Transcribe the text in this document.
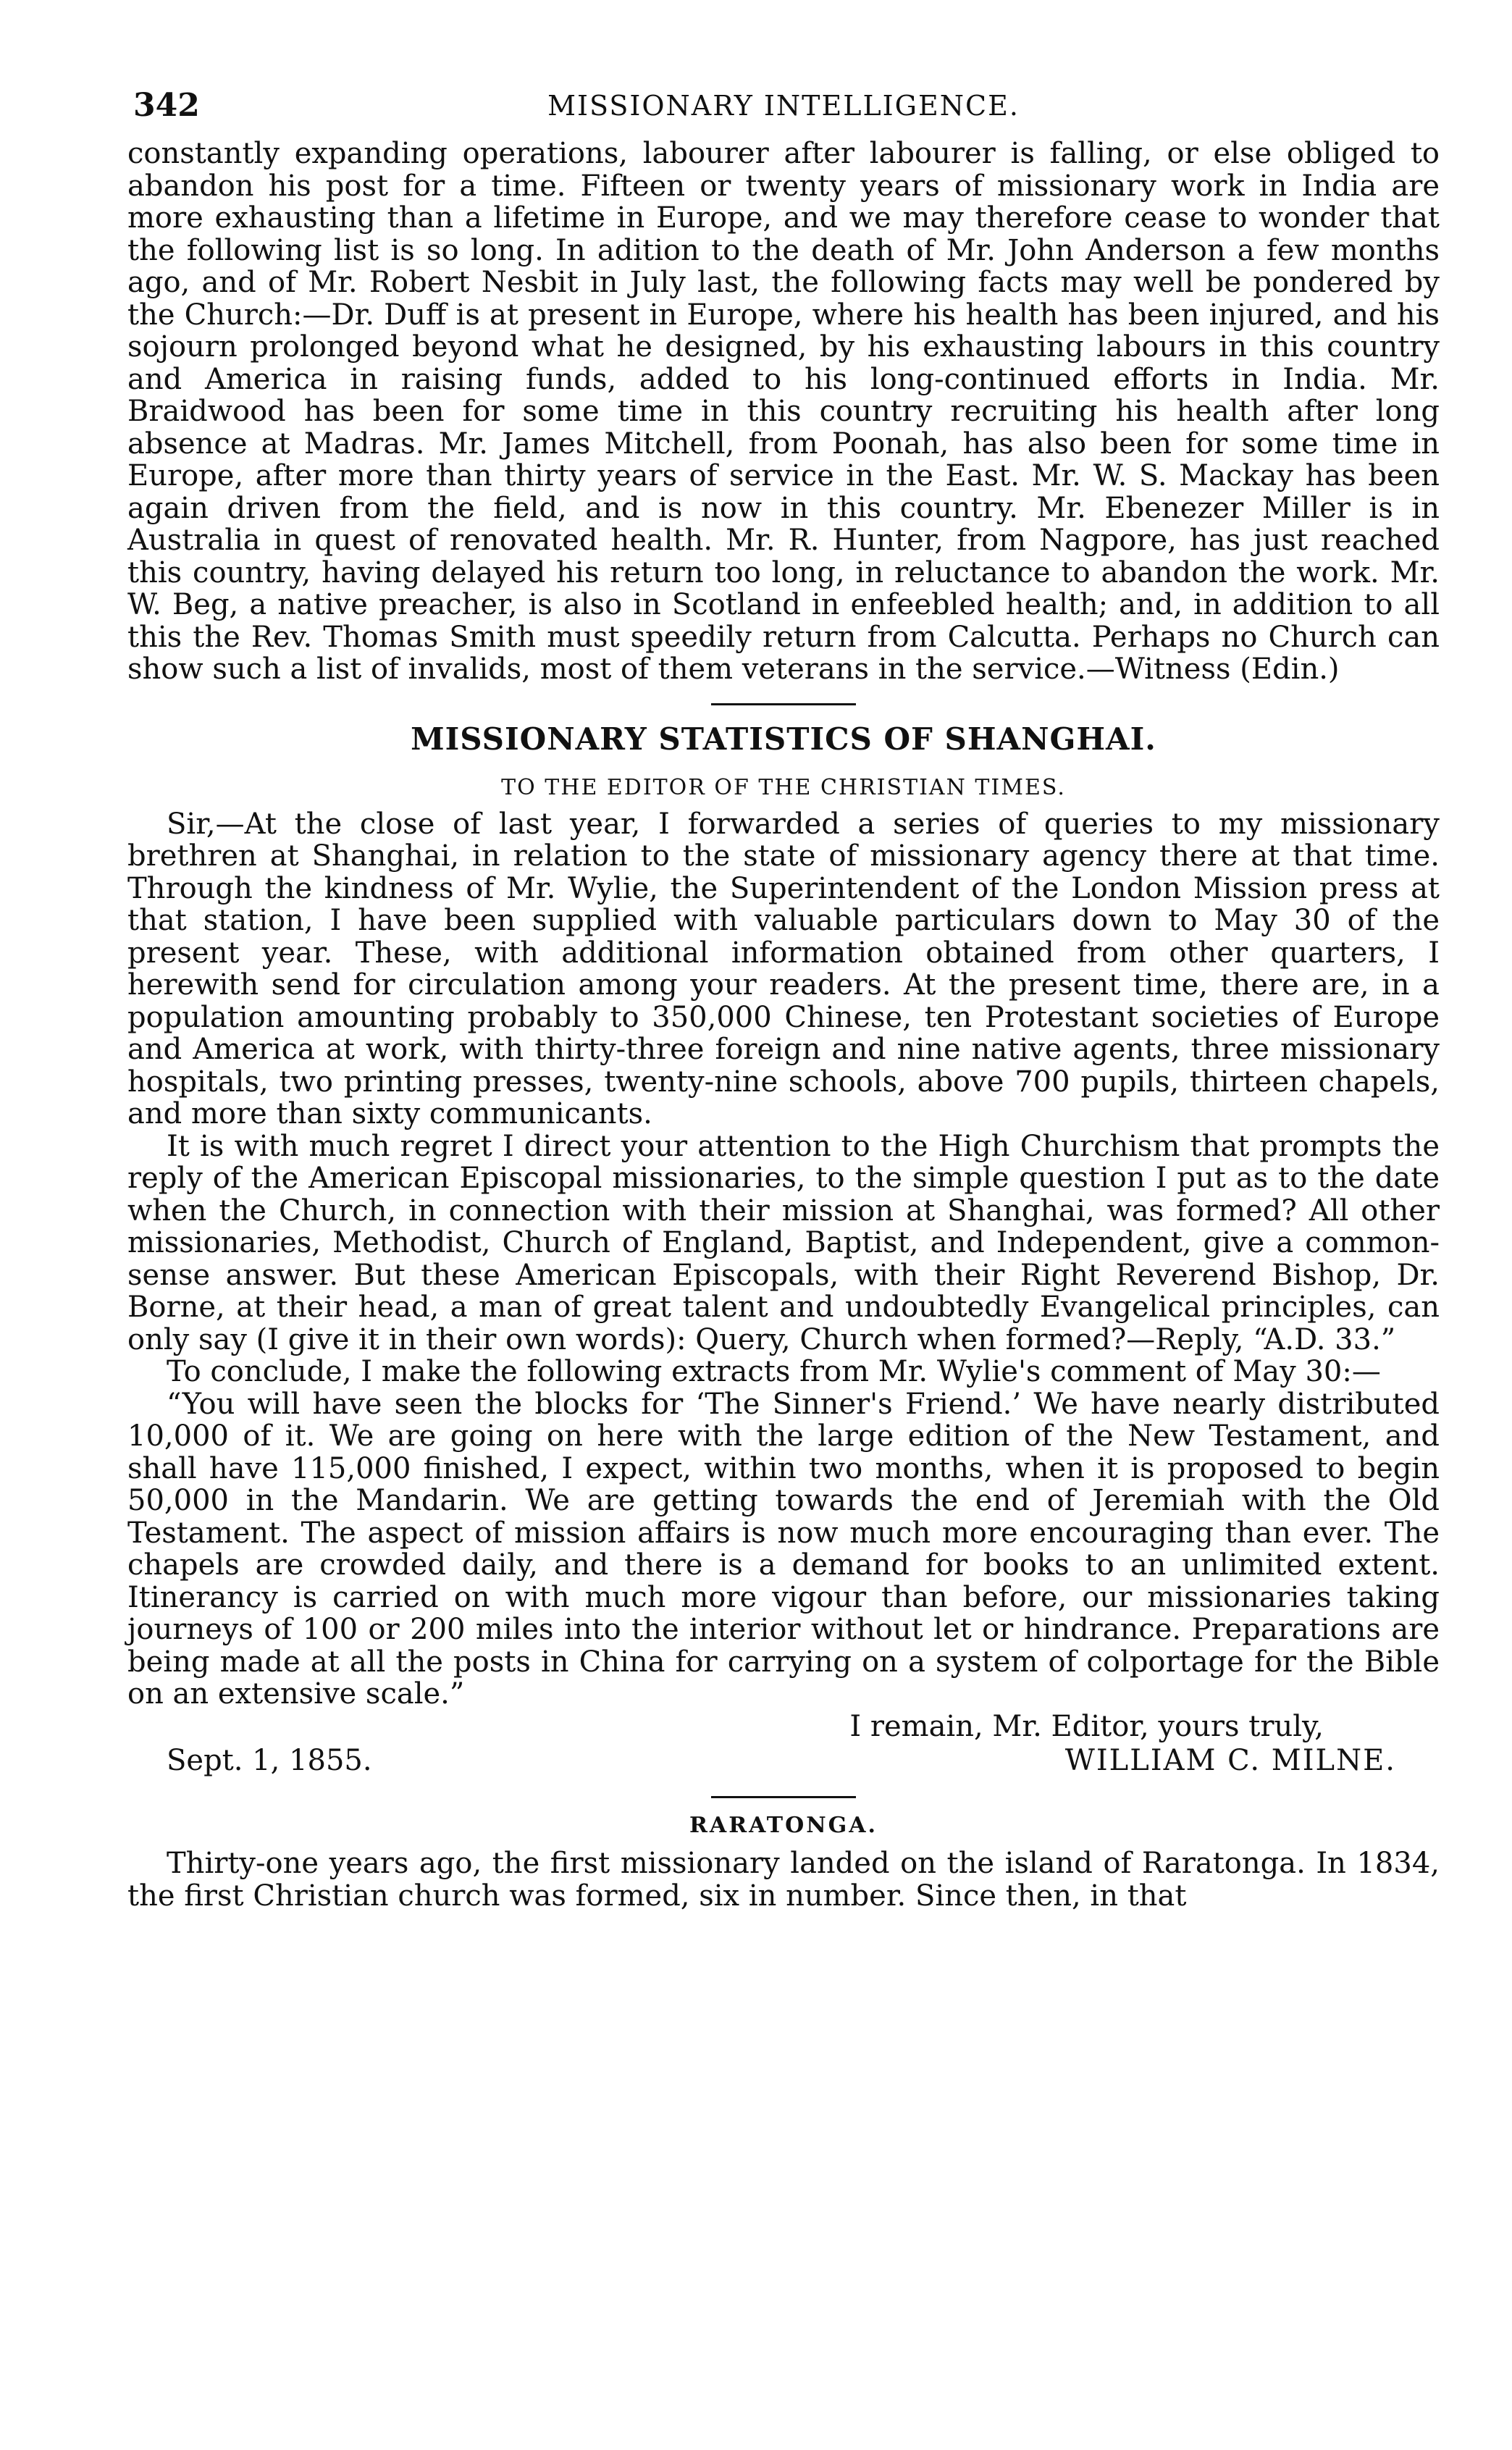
342	MISSIONARY INTELLIGENCE.

constantly expanding operations, labourer after labourer is falling, or else obliged to abandon his post for a time. Fifteen or twenty years of missionary work in India are more exhausting than a lifetime in Europe, and we may therefore cease to wonder that the following list is so long. In adition to the death of Mr. John Anderson a few months ago, and of Mr. Robert Nesbit in July last, the following facts may well be pondered by the Church:—Dr. Duff is at present in Europe, where his health has been injured, and his sojourn prolonged beyond what he designed, by his exhausting labours in this country and America in raising funds, added to his long-continued efforts in India. Mr. Braidwood has been for some time in this country recruiting his health after long absence at Madras. Mr. James Mitchell, from Poonah, has also been for some time in Europe, after more than thirty years of service in the East. Mr. W. S. Mackay has been again driven from the field, and is now in this country. Mr. Ebenezer Miller is in Australia in quest of renovated health. Mr. R. Hunter, from Nagpore, has just reached this country, having delayed his return too long, in reluctance to abandon the work. Mr. W. Beg, a native preacher, is also in Scotland in enfeebled health; and, in addition to all this the Rev. Thomas Smith must speedily return from Calcutta. Perhaps no Church can show such a list of invalids, most of them veterans in the service.—Witness (Edin.)

MISSIONARY STATISTICS OF SHANGHAI.
TO THE EDITOR OF THE CHRISTIAN TIMES.

Sir,—At the close of last year, I forwarded a series of queries to my missionary brethren at Shanghai, in relation to the state of missionary agency there at that time. Through the kindness of Mr. Wylie, the Superintendent of the London Mission press at that station, I have been supplied with valuable particulars down to May 30 of the present year. These, with additional information obtained from other quarters, I herewith send for circulation among your readers. At the present time, there are, in a population amounting probably to 350,000 Chinese, ten Protestant societies of Europe and America at work, with thirty-three foreign and nine native agents, three missionary hospitals, two printing presses, twenty-nine schools, above 700 pupils, thirteen chapels, and more than sixty communicants.

It is with much regret I direct your attention to the High Churchism that prompts the reply of the American Episcopal missionaries, to the simple question I put as to the date when the Church, in connection with their mission at Shanghai, was formed? All other missionaries, Methodist, Church of England, Baptist, and Independent, give a common-sense answer. But these American Episcopals, with their Right Reverend Bishop, Dr. Borne, at their head, a man of great talent and undoubtedly Evangelical principles, can only say (I give it in their own words): Query, Church when formed?—Reply, “A.D. 33.”

To conclude, I make the following extracts from Mr. Wylie's comment of May 30:—

“You will have seen the blocks for ‘The Sinner's Friend.’ We have nearly distributed 10,000 of it. We are going on here with the large edition of the New Testament, and shall have 115,000 finished, I expect, within two months, when it is proposed to begin 50,000 in the Mandarin. We are getting towards the end of Jeremiah with the Old Testament. The aspect of mission affairs is now much more encouraging than ever. The chapels are crowded daily, and there is a demand for books to an unlimited extent. Itinerancy is carried on with much more vigour than before, our missionaries taking journeys of 100 or 200 miles into the interior without let or hindrance. Preparations are being made at all the posts in China for carrying on a system of colportage for the Bible on an extensive scale.”

I remain, Mr. Editor, yours truly,

Sept. 1, 1855.	WILLIAM C. MILNE.
RARATONGA.

Thirty-one years ago, the first missionary landed on the island of Raratonga. In 1834, the first Christian church was formed, six in number. Since then, in that
